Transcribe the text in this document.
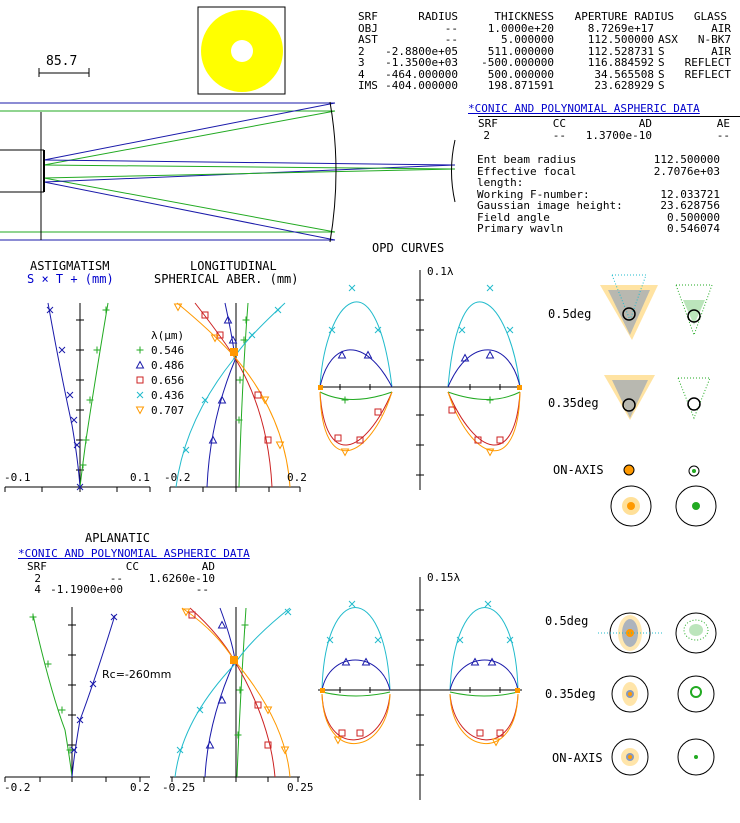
85.7
SRF	RADIUS	THICKNESS	APERTURE RADIUS	GLASS
OBJ	--	1.0000e+20	8.7269e+17	AIR
AST	--	5.000000	112.500000 ASX	N-BK7
2	-2.8800e+05	511.000000	112.528731 S	AIR
3	-1.3500e+03	-500.000000	116.884592 S	REFLECT
4	-464.000000	500.000000	34.565508 S	REFLECT
IMS -404.000000	198.871591	23.628929 S
*CONIC AND POLYNOMIAL ASPHERIC DATA
SRF	CC	AD	AE
2	--	1.3700e-10	--
Ent beam radius	112.500000
Effective focal length:
2.7076e+03
Working F-number:	12.033721
Gaussian image height:	23.628756
Field angle	0.500000
Primary wavln	0.546074
OPD CURVES
ASTIGMATISM
S × T + (mm)
LONGITUDINAL
SPHERICAL ABER. (mm)
-0.1	0.1 -0.2	0.2
0.1λ
0.5deg
0.35deg
ON-AXIS
λ(μm)
0.546
0.486
0.656
0.436
0.707
APLANATIC
*CONIC AND POLYNOMIAL ASPHERIC DATA
SRF	CC	AD
2	--	1.6260e-10
4 -1.1900e+00	--
Rc=-260mm
-0.2	0.2 -0.25	0.25
0.15λ
0.5deg
0.35deg
ON-AXIS
